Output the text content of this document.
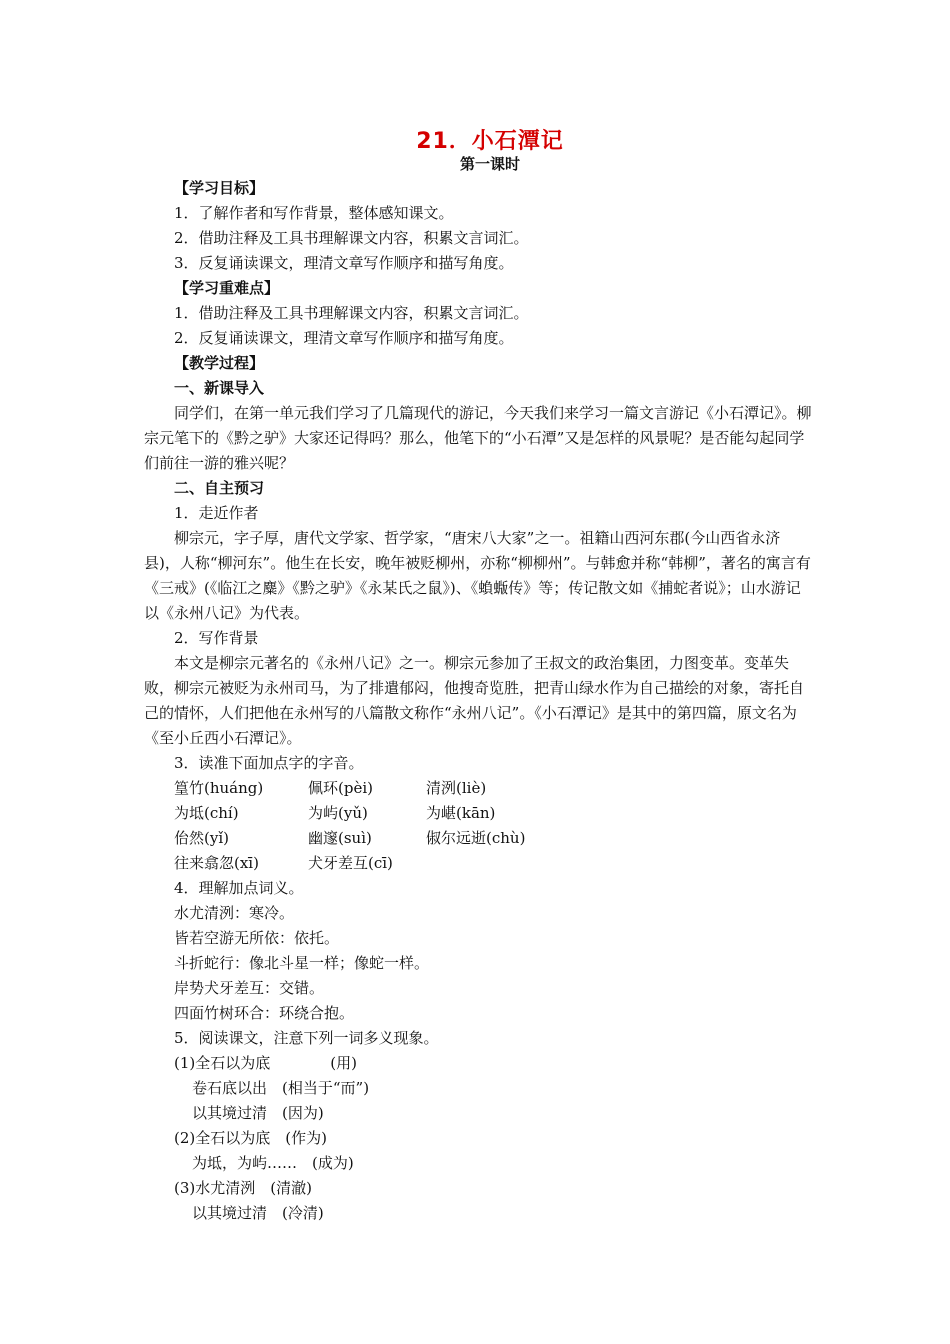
21．小石潭记
第一课时

【学习目标】

1．了解作者和写作背景，整体感知课文。

2．借助注释及工具书理解课文内容，积累文言词汇。

3．反复诵读课文，理清文章写作顺序和描写角度。

【学习重难点】

1．借助注释及工具书理解课文内容，积累文言词汇。

2．反复诵读课文，理清文章写作顺序和描写角度。

【教学过程】

一、新课导入

同学们，在第一单元我们学习了几篇现代的游记，今天我们来学习一篇文言游记《小石潭记》。柳宗元笔下的《黔之驴》大家还记得吗？那么，他笔下的“小石潭”又是怎样的风景呢？是否能勾起同学们前往一游的雅兴呢？

二、自主预习

1．走近作者

柳宗元，字子厚，唐代文学家、哲学家，“唐宋八大家”之一。祖籍山西河东郡(今山西省永济县)，人称“柳河东”。他生在长安，晚年被贬柳州，亦称“柳柳州”。与韩愈并称“韩柳”，著名的寓言有《三戒》(《临江之麋》《黔之驴》《永某氏之鼠》)、《蝜蝂传》等；传记散文如《捕蛇者说》；山水游记以《永州八记》为代表。

2．写作背景

本文是柳宗元著名的《永州八记》之一。柳宗元参加了王叔文的政治集团，力图变革。变革失败，柳宗元被贬为永州司马，为了排遣郁闷，他搜奇览胜，把青山绿水作为自己描绘的对象，寄托自己的情怀，人们把他在永州写的八篇散文称作“永州八记”。《小石潭记》是其中的第四篇，原文名为《至小丘西小石潭记》。

3．读准下面加点字的字音。

篁竹(huáng)	佩环(pèi)	清洌(liè)
为坻(chí)	为屿(yǔ)	为嵁(kān)
佁然(yǐ)	幽邃(suì)	俶尔远逝(chù)
往来翕忽(xī)	犬牙差互(cī)

4．理解加点词义。

水尤清洌：寒冷。

皆若空游无所依：依托。

斗折蛇行：像北斗星一样；像蛇一样。

岸势犬牙差互：交错。

四面竹树环合：环绕合抱。

5．阅读课文，注意下列一词多义现象。

(1)全石以为底	(用)

卷石底以出　(相当于“而”)

以其境过清　(因为)

(2)全石以为底　(作为)

为坻，为屿……　(成为)

(3)水尤清洌　(清澈)

以其境过清　(冷清)
